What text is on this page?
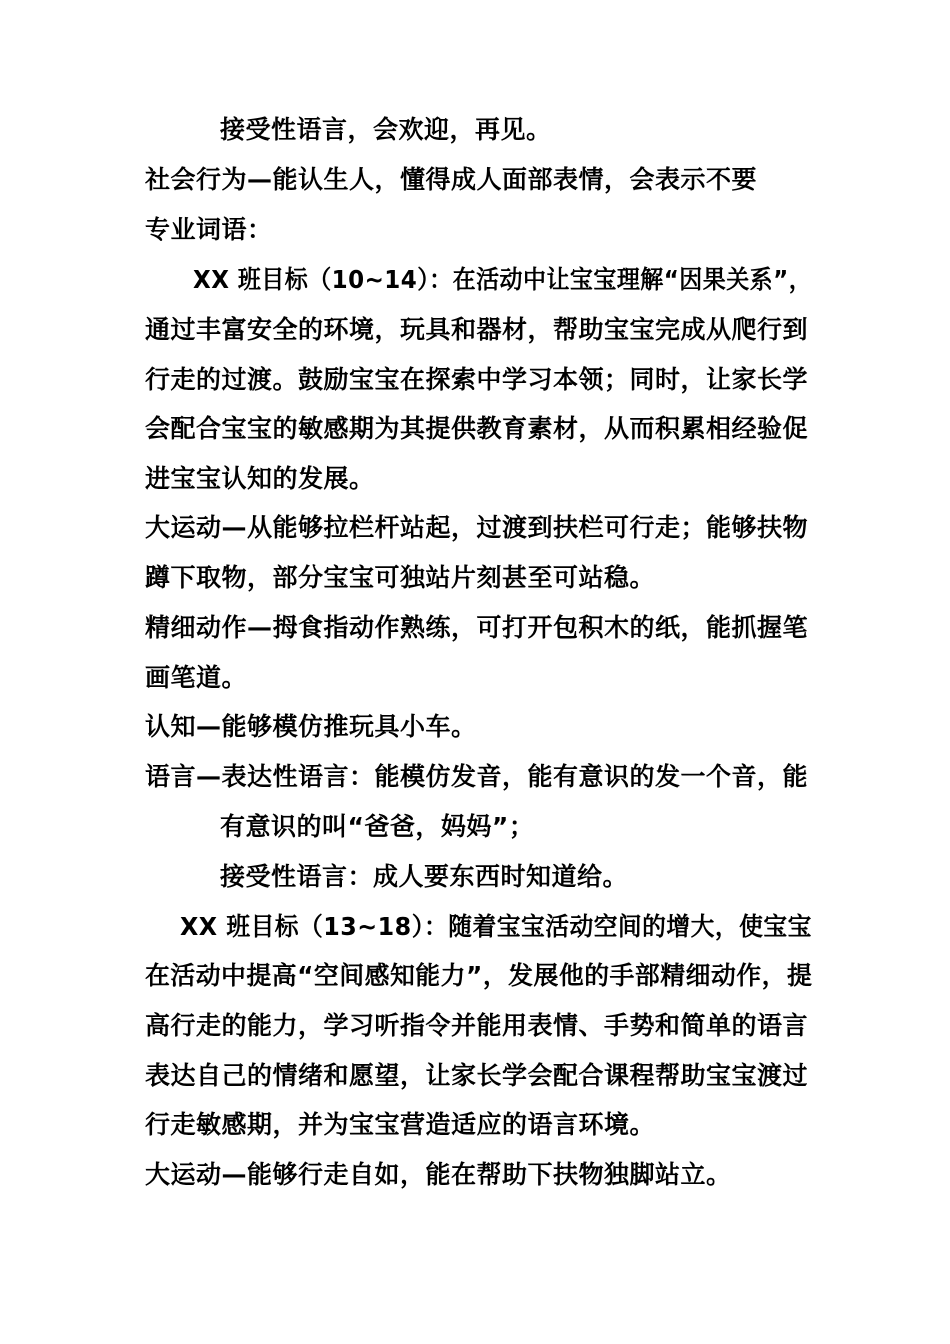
接受性语言，会欢迎，再见。
社会行为—能认生人，懂得成人面部表情，会表示不要
专业词语：
XX 班目标（10~14）：在活动中让宝宝理解“因果关系”，
通过丰富安全的环境，玩具和器材，帮助宝宝完成从爬行到
行走的过渡。鼓励宝宝在探索中学习本领；同时，让家长学
会配合宝宝的敏感期为其提供教育素材，从而积累相经验促
进宝宝认知的发展。
大运动—从能够拉栏杆站起，过渡到扶栏可行走；能够扶物
蹲下取物，部分宝宝可独站片刻甚至可站稳。
精细动作—拇食指动作熟练，可打开包积木的纸，能抓握笔
画笔道。
认知—能够模仿推玩具小车。
语言—表达性语言：能模仿发音，能有意识的发一个音，能
有意识的叫“爸爸，妈妈”；
接受性语言：成人要东西时知道给。
XX 班目标（13~18）：随着宝宝活动空间的增大，使宝宝
在活动中提高“空间感知能力”，发展他的手部精细动作，提
高行走的能力，学习听指令并能用表情、手势和简单的语言
表达自己的情绪和愿望，让家长学会配合课程帮助宝宝渡过
行走敏感期，并为宝宝营造适应的语言环境。
大运动—能够行走自如，能在帮助下扶物独脚站立。
